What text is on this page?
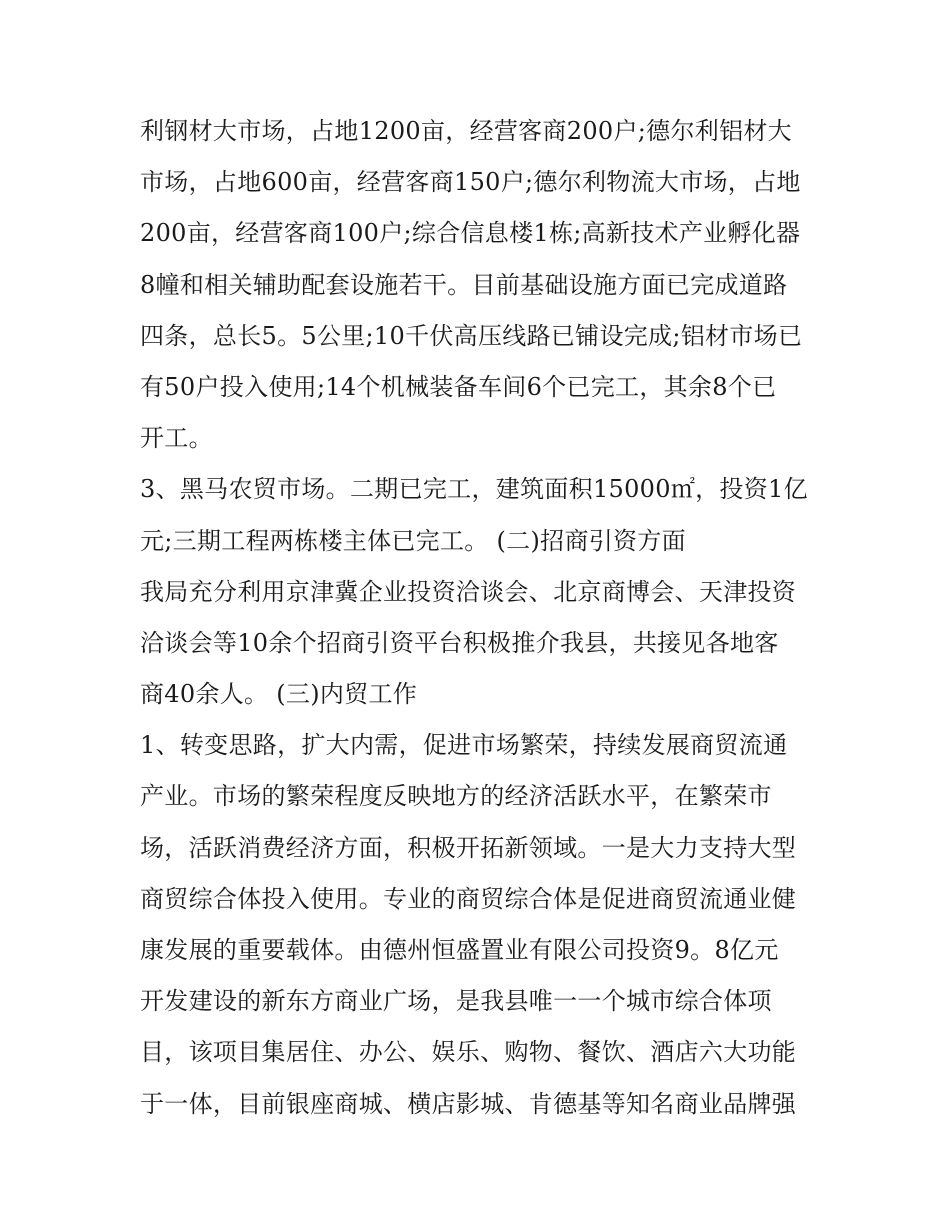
利钢材大市场，占地1200亩，经营客商200户;德尔利铝材大
市场，占地600亩，经营客商150户;德尔利物流大市场，占地
200亩，经营客商100户;综合信息楼1栋;高新技术产业孵化器
8幢和相关辅助配套设施若干。目前基础设施方面已完成道路
四条，总长5。5公里;10千伏高压线路已铺设完成;铝材市场已
有50户投入使用;14个机械装备车间6个已完工，其余8个已
开工。
3、黑马农贸市场。二期已完工，建筑面积15000㎡，投资1亿
元;三期工程两栋楼主体已完工。 (二)招商引资方面
我局充分利用京津冀企业投资洽谈会、北京商博会、天津投资
洽谈会等10余个招商引资平台积极推介我县，共接见各地客
商40余人。 (三)内贸工作
1、转变思路，扩大内需，促进市场繁荣，持续发展商贸流通
产业。市场的繁荣程度反映地方的经济活跃水平，在繁荣市
场，活跃消费经济方面，积极开拓新领域。一是大力支持大型
商贸综合体投入使用。专业的商贸综合体是促进商贸流通业健
康发展的重要载体。由德州恒盛置业有限公司投资9。8亿元
开发建设的新东方商业广场，是我县唯一一个城市综合体项
目，该项目集居住、办公、娱乐、购物、餐饮、酒店六大功能
于一体，目前银座商城、横店影城、肯德基等知名商业品牌强
